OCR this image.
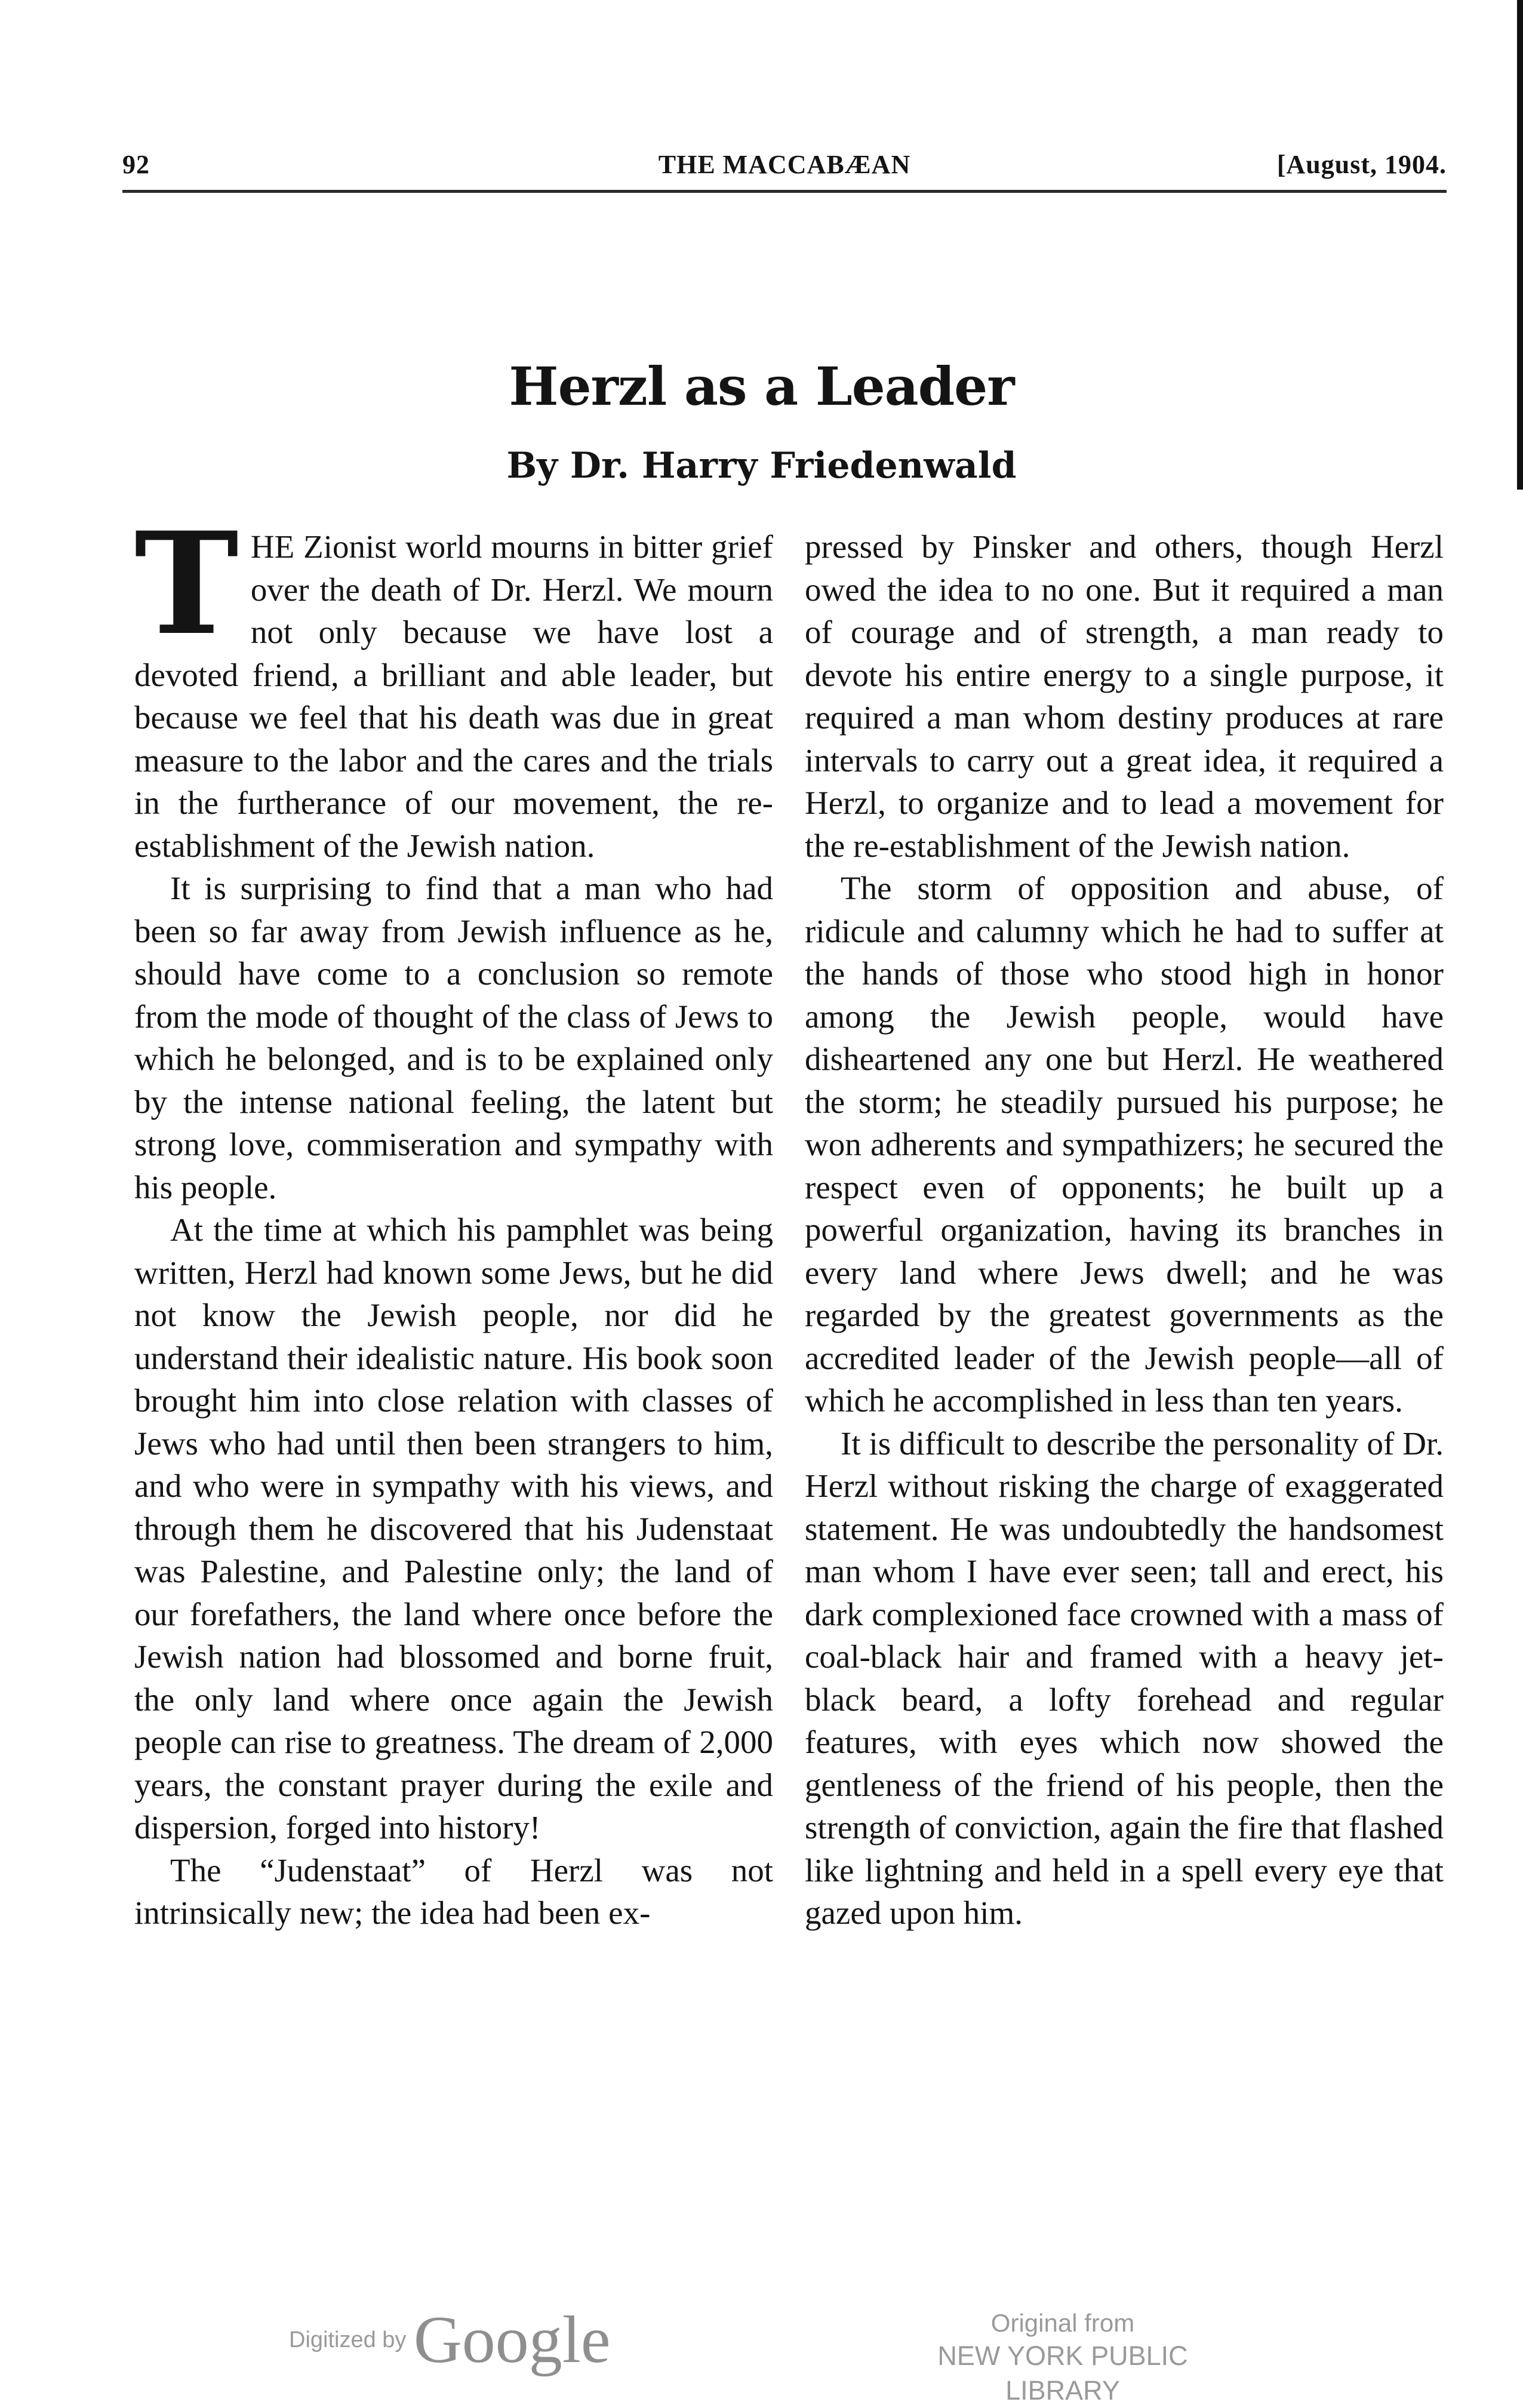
92	THE MACCABÆAN	[August, 1904.
Herzl as a Leader
By Dr. Harry Friedenwald

THE Zionist world mourns in bitter grief over the death of Dr. Herzl. We mourn not only because we have lost a devoted friend, a brilliant and able leader, but because we feel that his death was due in great measure to the labor and the cares and the trials in the furtherance of our movement, the re-establishment of the Jewish nation.

It is surprising to find that a man who had been so far away from Jewish influence as he, should have come to a conclusion so remote from the mode of thought of the class of Jews to which he belonged, and is to be explained only by the intense national feeling, the latent but strong love, commiseration and sympathy with his people.

At the time at which his pamphlet was being written, Herzl had known some Jews, but he did not know the Jewish people, nor did he understand their idealistic nature. His book soon brought him into close relation with classes of Jews who had until then been strangers to him, and who were in sympathy with his views, and through them he discovered that his Judenstaat was Palestine, and Palestine only; the land of our forefathers, the land where once before the Jewish nation had blossomed and borne fruit, the only land where once again the Jewish people can rise to greatness. The dream of 2,000 years, the constant prayer during the exile and dispersion, forged into history!

The “Judenstaat” of Herzl was not intrinsically new; the idea had been ex-

pressed by Pinsker and others, though Herzl owed the idea to no one. But it required a man of courage and of strength, a man ready to devote his entire energy to a single purpose, it required a man whom destiny produces at rare intervals to carry out a great idea, it required a Herzl, to organize and to lead a movement for the re-establishment of the Jewish nation.

The storm of opposition and abuse, of ridicule and calumny which he had to suffer at the hands of those who stood high in honor among the Jewish people, would have disheartened any one but Herzl. He weathered the storm; he steadily pursued his purpose; he won adherents and sympathizers; he secured the respect even of opponents; he built up a powerful organization, having its branches in every land where Jews dwell; and he was regarded by the greatest governments as the accredited leader of the Jewish people—all of which he accomplished in less than ten years.

It is difficult to describe the personality of Dr. Herzl without risking the charge of exaggerated statement. He was undoubtedly the handsomest man whom I have ever seen; tall and erect, his dark complexioned face crowned with a mass of coal-black hair and framed with a heavy jet-black beard, a lofty forehead and regular features, with eyes which now showed the gentleness of the friend of his people, then the strength of conviction, again the fire that flashed like lightning and held in a spell every eye that gazed upon him.

Digitized by Google	Original from
NEW YORK PUBLIC LIBRARY
